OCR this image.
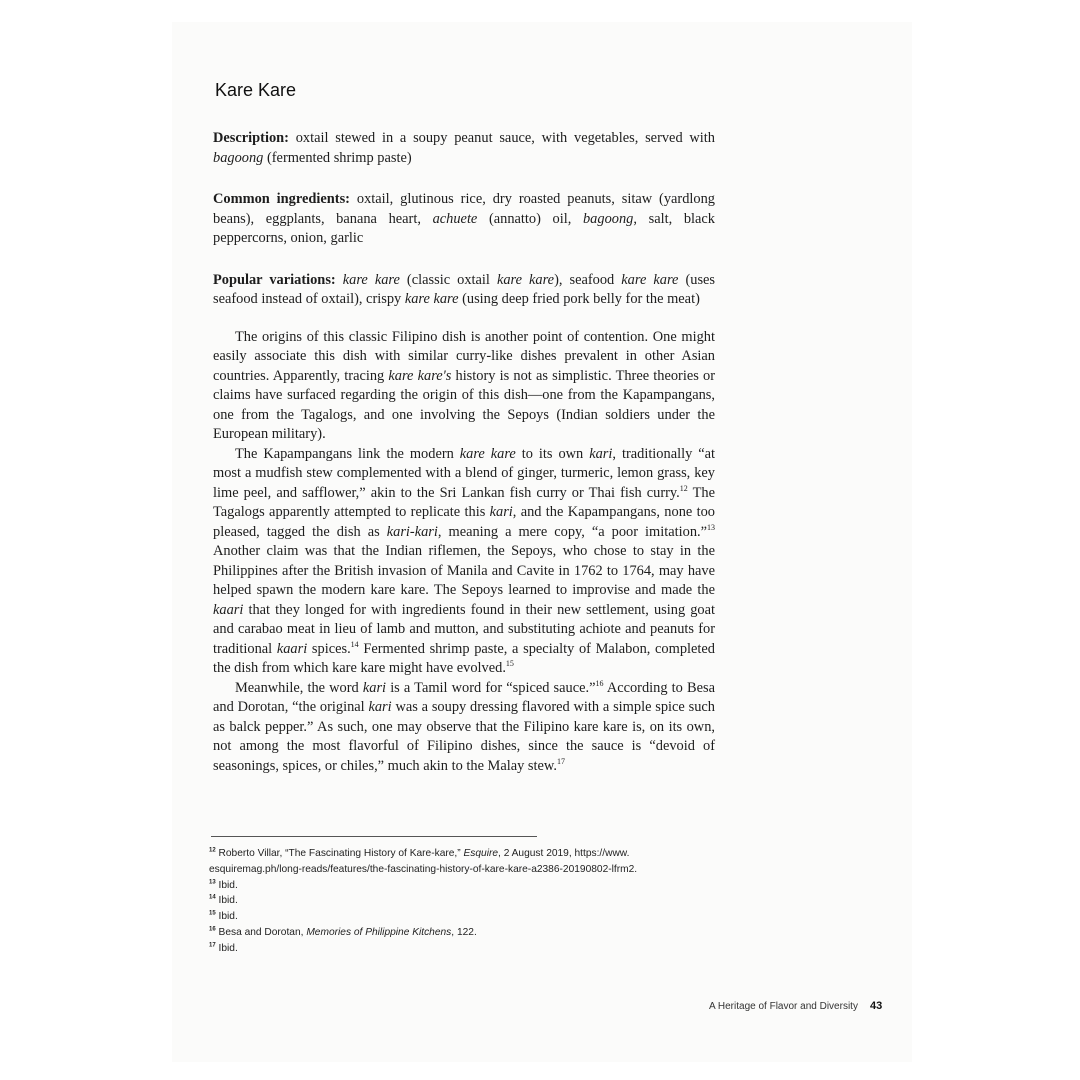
Kare Kare
Description: oxtail stewed in a soupy peanut sauce, with vegetables, served with bagoong (fermented shrimp paste)
Common ingredients: oxtail, glutinous rice, dry roasted peanuts, sitaw (yardlong beans), eggplants, banana heart, achuete (annatto) oil, bagoong, salt, black peppercorns, onion, garlic
Popular variations: kare kare (classic oxtail kare kare), seafood kare kare (uses seafood instead of oxtail), crispy kare kare (using deep fried pork belly for the meat)

The origins of this classic Filipino dish is another point of contention. One might easily associate this dish with similar curry-like dishes prevalent in other Asian countries. Apparently, tracing kare kare's history is not as simplistic. Three theories or claims have surfaced regarding the origin of this dish—one from the Kapampangans, one from the Tagalogs, and one involving the Sepoys (Indian soldiers under the European military).

The Kapampangans link the modern kare kare to its own kari, traditionally “at most a mudfish stew complemented with a blend of ginger, turmeric, lemon grass, key lime peel, and safflower,” akin to the Sri Lankan fish curry or Thai fish curry.$^{12}$ The Tagalogs apparently attempted to replicate this kari, and the Kapampangans, none too pleased, tagged the dish as kari-kari, meaning a mere copy, “a poor imitation.”$^{13}$ Another claim was that the Indian riflemen, the Sepoys, who chose to stay in the Philippines after the British invasion of Manila and Cavite in 1762 to 1764, may have helped spawn the modern kare kare. The Sepoys learned to improvise and made the kaari that they longed for with ingredients found in their new settlement, using goat and carabao meat in lieu of lamb and mutton, and substituting achiote and peanuts for traditional kaari spices.$^{14}$ Fermented shrimp paste, a specialty of Malabon, completed the dish from which kare kare might have evolved.$^{15}$

Meanwhile, the word kari is a Tamil word for “spiced sauce.”$^{16}$ According to Besa and Dorotan, “the original kari was a soupy dressing flavored with a simple spice such as balck pepper.” As such, one may observe that the Filipino kare kare is, on its own, not among the most flavorful of Filipino dishes, since the sauce is “devoid of seasonings, spices, or chiles,” much akin to the Malay stew.$^{17}$

$^{12}$ Roberto Villar, “The Fascinating History of Kare-kare,” Esquire, 2 August 2019, https://www.
esquiremag.ph/long-reads/features/the-fascinating-history-of-kare-kare-a2386-20190802-lfrm2.
$^{13}$ Ibid.
$^{14}$ Ibid.
$^{15}$ Ibid.
$^{16}$ Besa and Dorotan, Memories of Philippine Kitchens, 122.
$^{17}$ Ibid.
A Heritage of Flavor and Diversity 43
